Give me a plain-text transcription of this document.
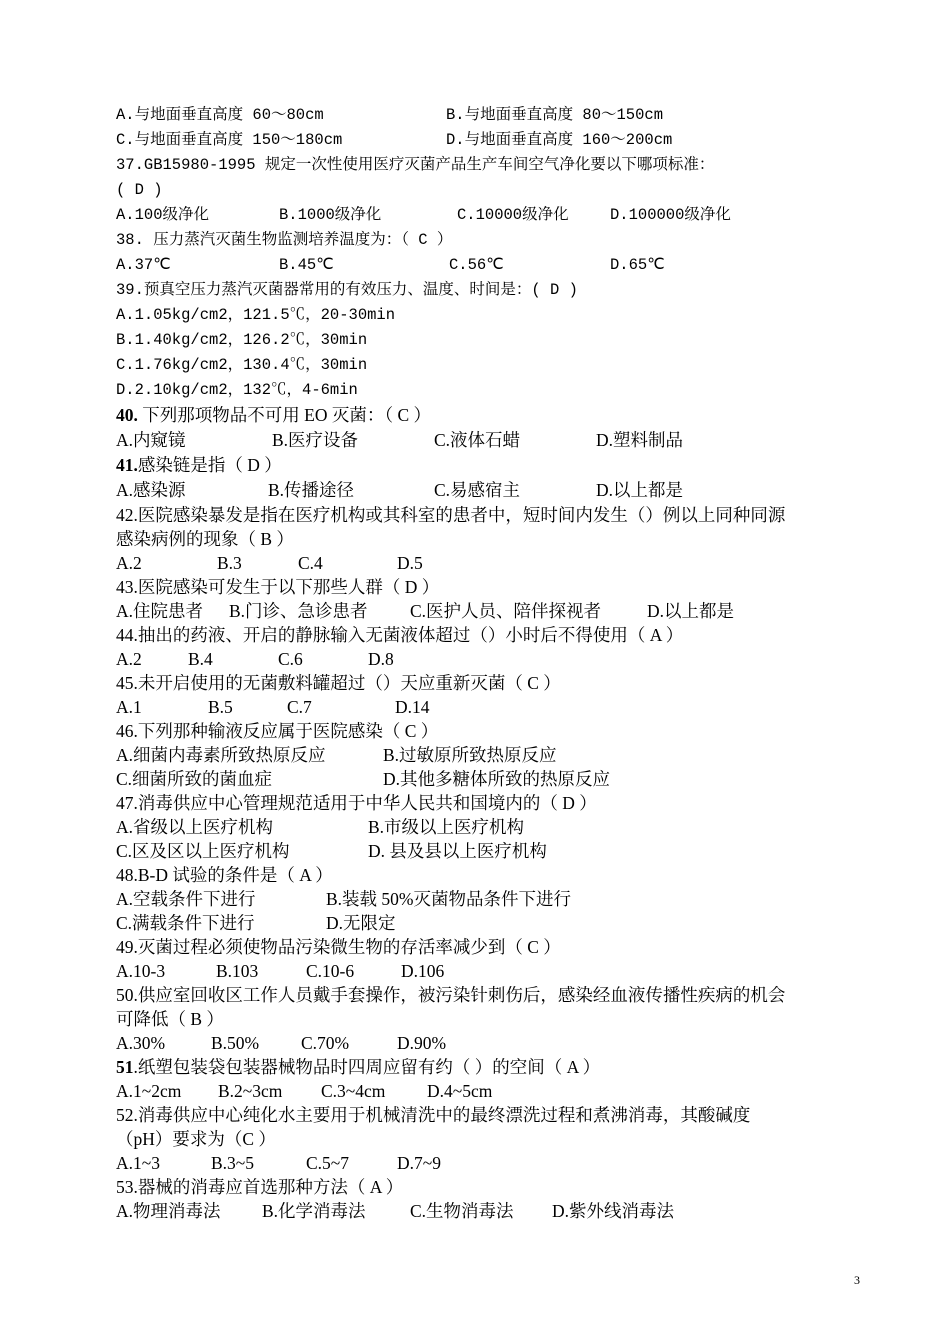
A.与地面垂直高度 60～80cm	B.与地面垂直高度 80～150cm
C.与地面垂直高度 150～180cm	D.与地面垂直高度 160～200cm
37.GB15980-1995 规定一次性使用医疗灭菌产品生产车间空气净化要以下哪项标准：
( D )
A.100级净化	B.1000级净化	C.10000级净化	D.100000级净化
38. 压力蒸汽灭菌生物监测培养温度为：（ C ）
A.37℃	B.45℃	C.56℃	D.65℃
39.预真空压力蒸汽灭菌器常用的有效压力、温度、时间是：( D )
A.1.05kg/cm2，121.5℃，20-30min
B.1.40kg/cm2，126.2℃，30min
C.1.76kg/cm2，130.4℃，30min
D.2.10kg/cm2，132℃，4-6min
40. 下列那项物品不可用 EO 灭菌：（ C ）
A.内窥镜	B.医疗设备	C.液体石蜡	D.塑料制品
41.感染链是指（ D ）
A.感染源	B.传播途径	C.易感宿主	D.以上都是
42.医院感染暴发是指在医疗机构或其科室的患者中，短时间内发生（）例以上同种同源
感染病例的现象（ B ）
A.2	B.3	C.4	D.5
43.医院感染可发生于以下那些人群（ D ）
A.住院患者 B.门诊、急诊患者 C.医护人员、陪伴探视者	D.以上都是
44.抽出的药液、开启的静脉输入无菌液体超过（）小时后不得使用（ A ）
A.2	B.4	C.6	D.8
45.未开启使用的无菌敷料罐超过（）天应重新灭菌（ C ）
A.1	B.5	C.7	D.14
46.下列那种输液反应属于医院感染（ C ）
A.细菌内毒素所致热原反应	B.过敏原所致热原反应
C.细菌所致的菌血症	D.其他多糖体所致的热原反应
47.消毒供应中心管理规范适用于中华人民共和国境内的（ D ）
A.省级以上医疗机构	B.市级以上医疗机构
C.区及区以上医疗机构	D. 县及县以上医疗机构
48.B-D 试验的条件是（ A ）
A.空载条件下进行	B.装载 50%灭菌物品条件下进行
C.满载条件下进行	D.无限定
49.灭菌过程必须使物品污染微生物的存活率减少到（ C ）
A.10-3	B.103	C.10-6	D.106
50.供应室回收区工作人员戴手套操作，被污染针刺伤后，感染经血液传播性疾病的机会
可降低（ B ）
A.30%	B.50% C.70%	D.90%
51.纸塑包装袋包装器械物品时四周应留有约（ ）的空间（ A ）
A.1~2cm B.2~3cm C.3~4cm D.4~5cm
52.消毒供应中心纯化水主要用于机械清洗中的最终漂洗过程和煮沸消毒，其酸碱度
（pH）要求为（C ）
A.1~3	B.3~5	C.5~7	D.7~9
53.器械的消毒应首选那种方法（ A ）
A.物理消毒法 B.化学消毒法	C.生物消毒法 D.紫外线消毒法
3
